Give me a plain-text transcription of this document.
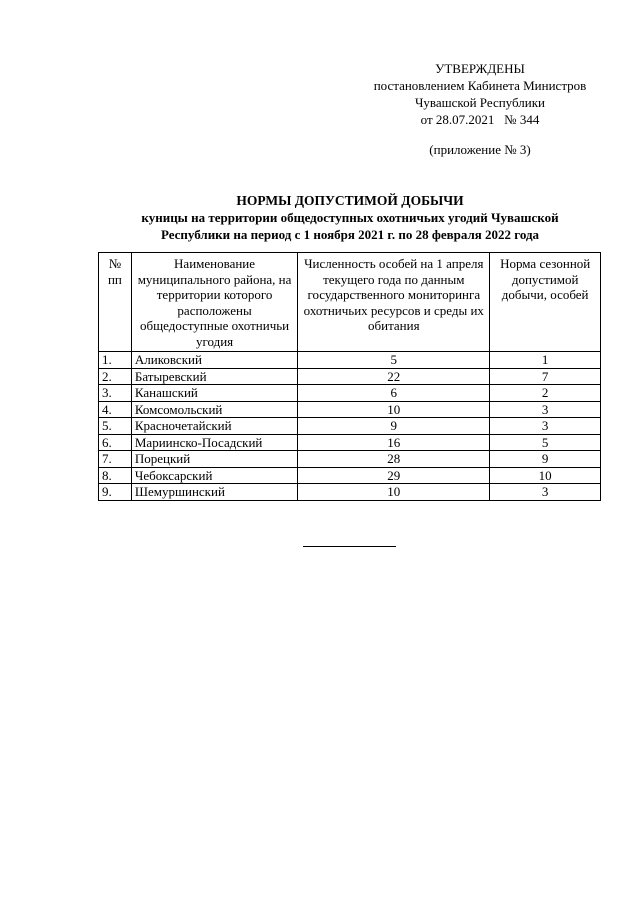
УТВЕРЖДЕНЫ
постановлением Кабинета Министров
Чувашской Республики
от 28.07.2021   № 344
(приложение № 3)
НОРМЫ ДОПУСТИМОЙ ДОБЫЧИ
куницы на территории общедоступных охотничьих угодий Чувашской
Республики на период с 1 ноября 2021 г. по 28 февраля 2022 года
№ пп	Наименование муниципального района, на территории которого расположены общедоступные охотничьи угодия	Численность особей на 1 апреля текущего года по данным государственного мониторинга охотничьих ресурсов и среды их обитания	Норма сезонной допустимой добычи, особей
1.	Аликовский	5	1
2.	Батыревский	22	7
3.	Канашский	6	2
4.	Комсомольский	10	3
5.	Красночетайский	9	3
6.	Мариинско-Посадский	16	5
7.	Порецкий	28	9
8.	Чебоксарский	29	10
9.	Шемуршинский	10	3
